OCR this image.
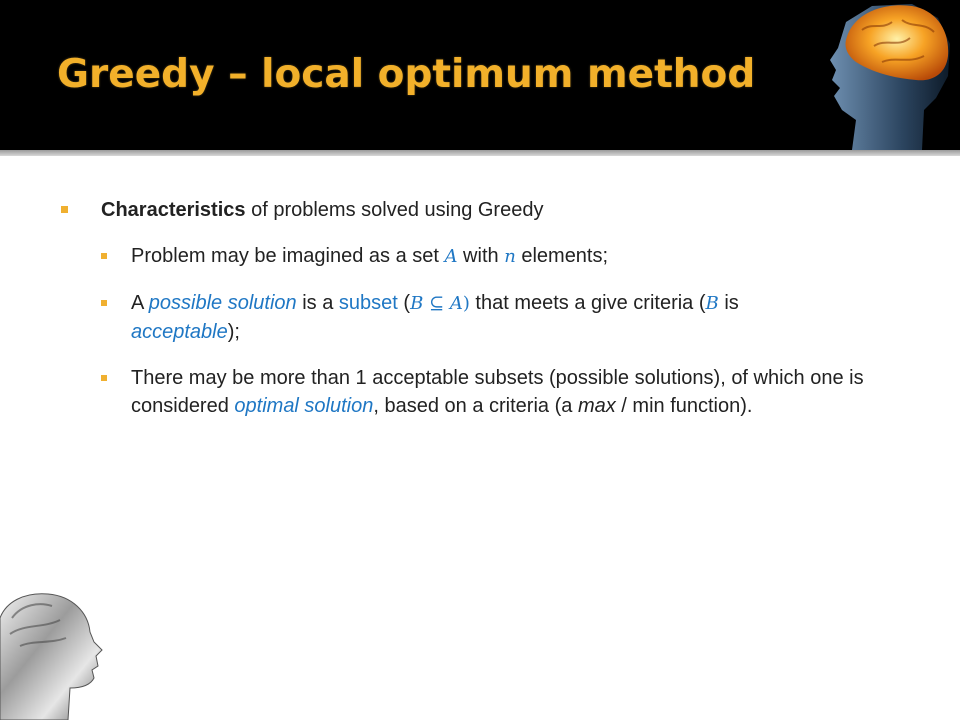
Greedy – local optimum method
Characteristics of problems solved using Greedy
Problem may be imagined as a set A with n elements;
A possible solution is a subset (B ⊆ A) that meets a give criteria (B is acceptable);
There may be more than 1 acceptable subsets (possible solutions), of which one is considered optimal solution, based on a criteria (a max / min function).
